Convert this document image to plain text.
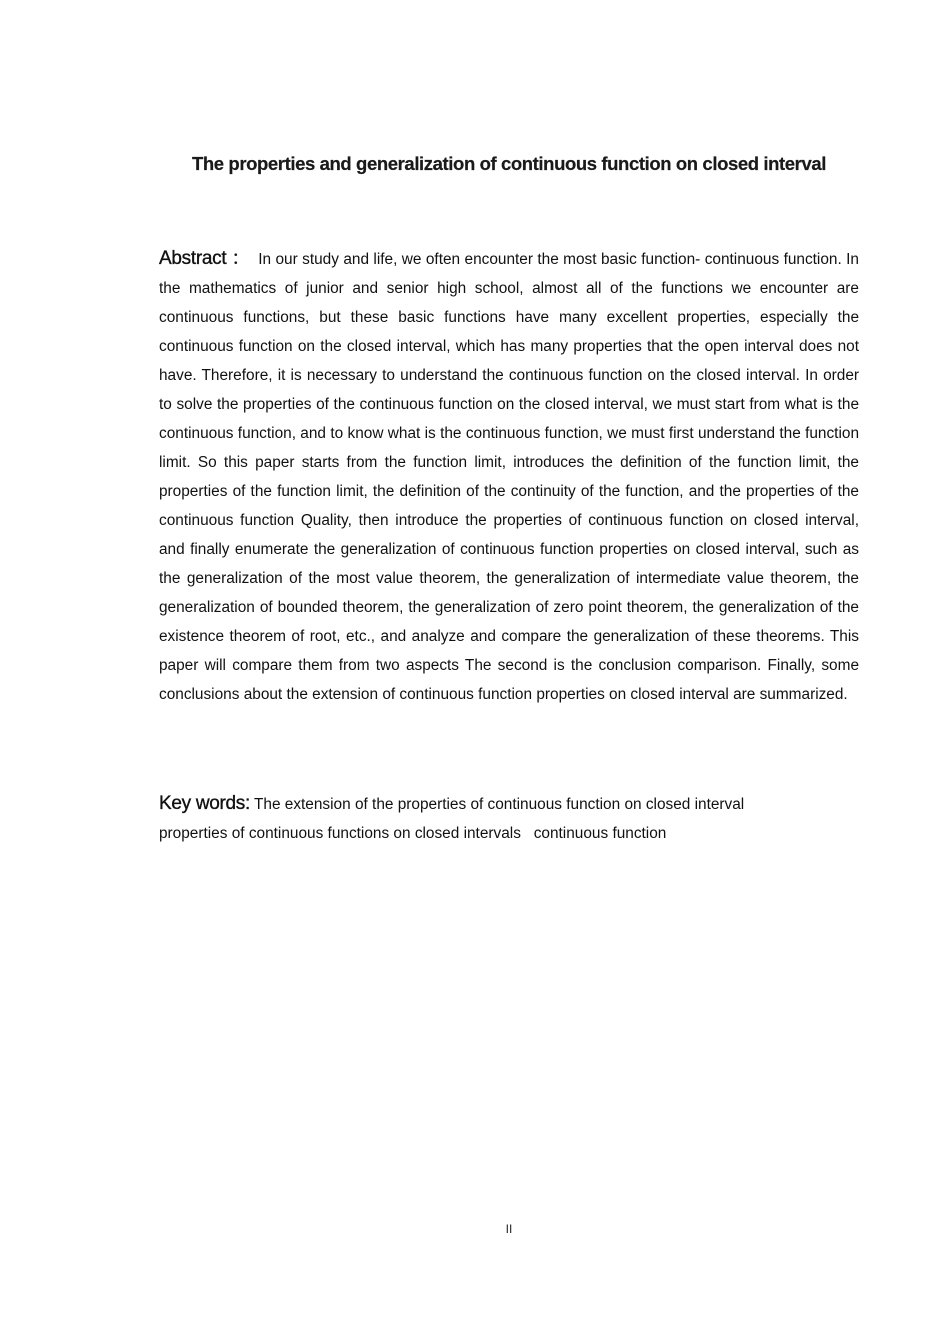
The properties and generalization of continuous function on closed interval

Abstract ： In our study and life, we often encounter the most basic function- continuous function. In the mathematics of junior and senior high school, almost all of the functions we encounter are continuous functions, but these basic functions have many excellent properties, especially the continuous function on the closed interval, which has many properties that the open interval does not have. Therefore, it is necessary to understand the continuous function on the closed interval. In order to solve the properties of the continuous function on the closed interval, we must start from what is the continuous function, and to know what is the continuous function, we must first understand the function limit. So this paper starts from the function limit, introduces the definition of the function limit, the properties of the function limit, the definition of the continuity of the function, and the properties of the continuous function Quality, then introduce the properties of continuous function on closed interval, and finally enumerate the generalization of continuous function properties on closed interval, such as the generalization of the most value theorem, the generalization of intermediate value theorem, the generalization of bounded theorem, the generalization of zero point theorem, the generalization of the existence theorem of root, etc., and analyze and compare the generalization of these theorems. This paper will compare them from two aspects The second is the conclusion comparison. Finally, some conclusions about the extension of continuous function properties on closed interval are summarized.

Key words: The extension of the properties of continuous function on closed interval
properties of continuous functions on closed intervals   continuous function

II
